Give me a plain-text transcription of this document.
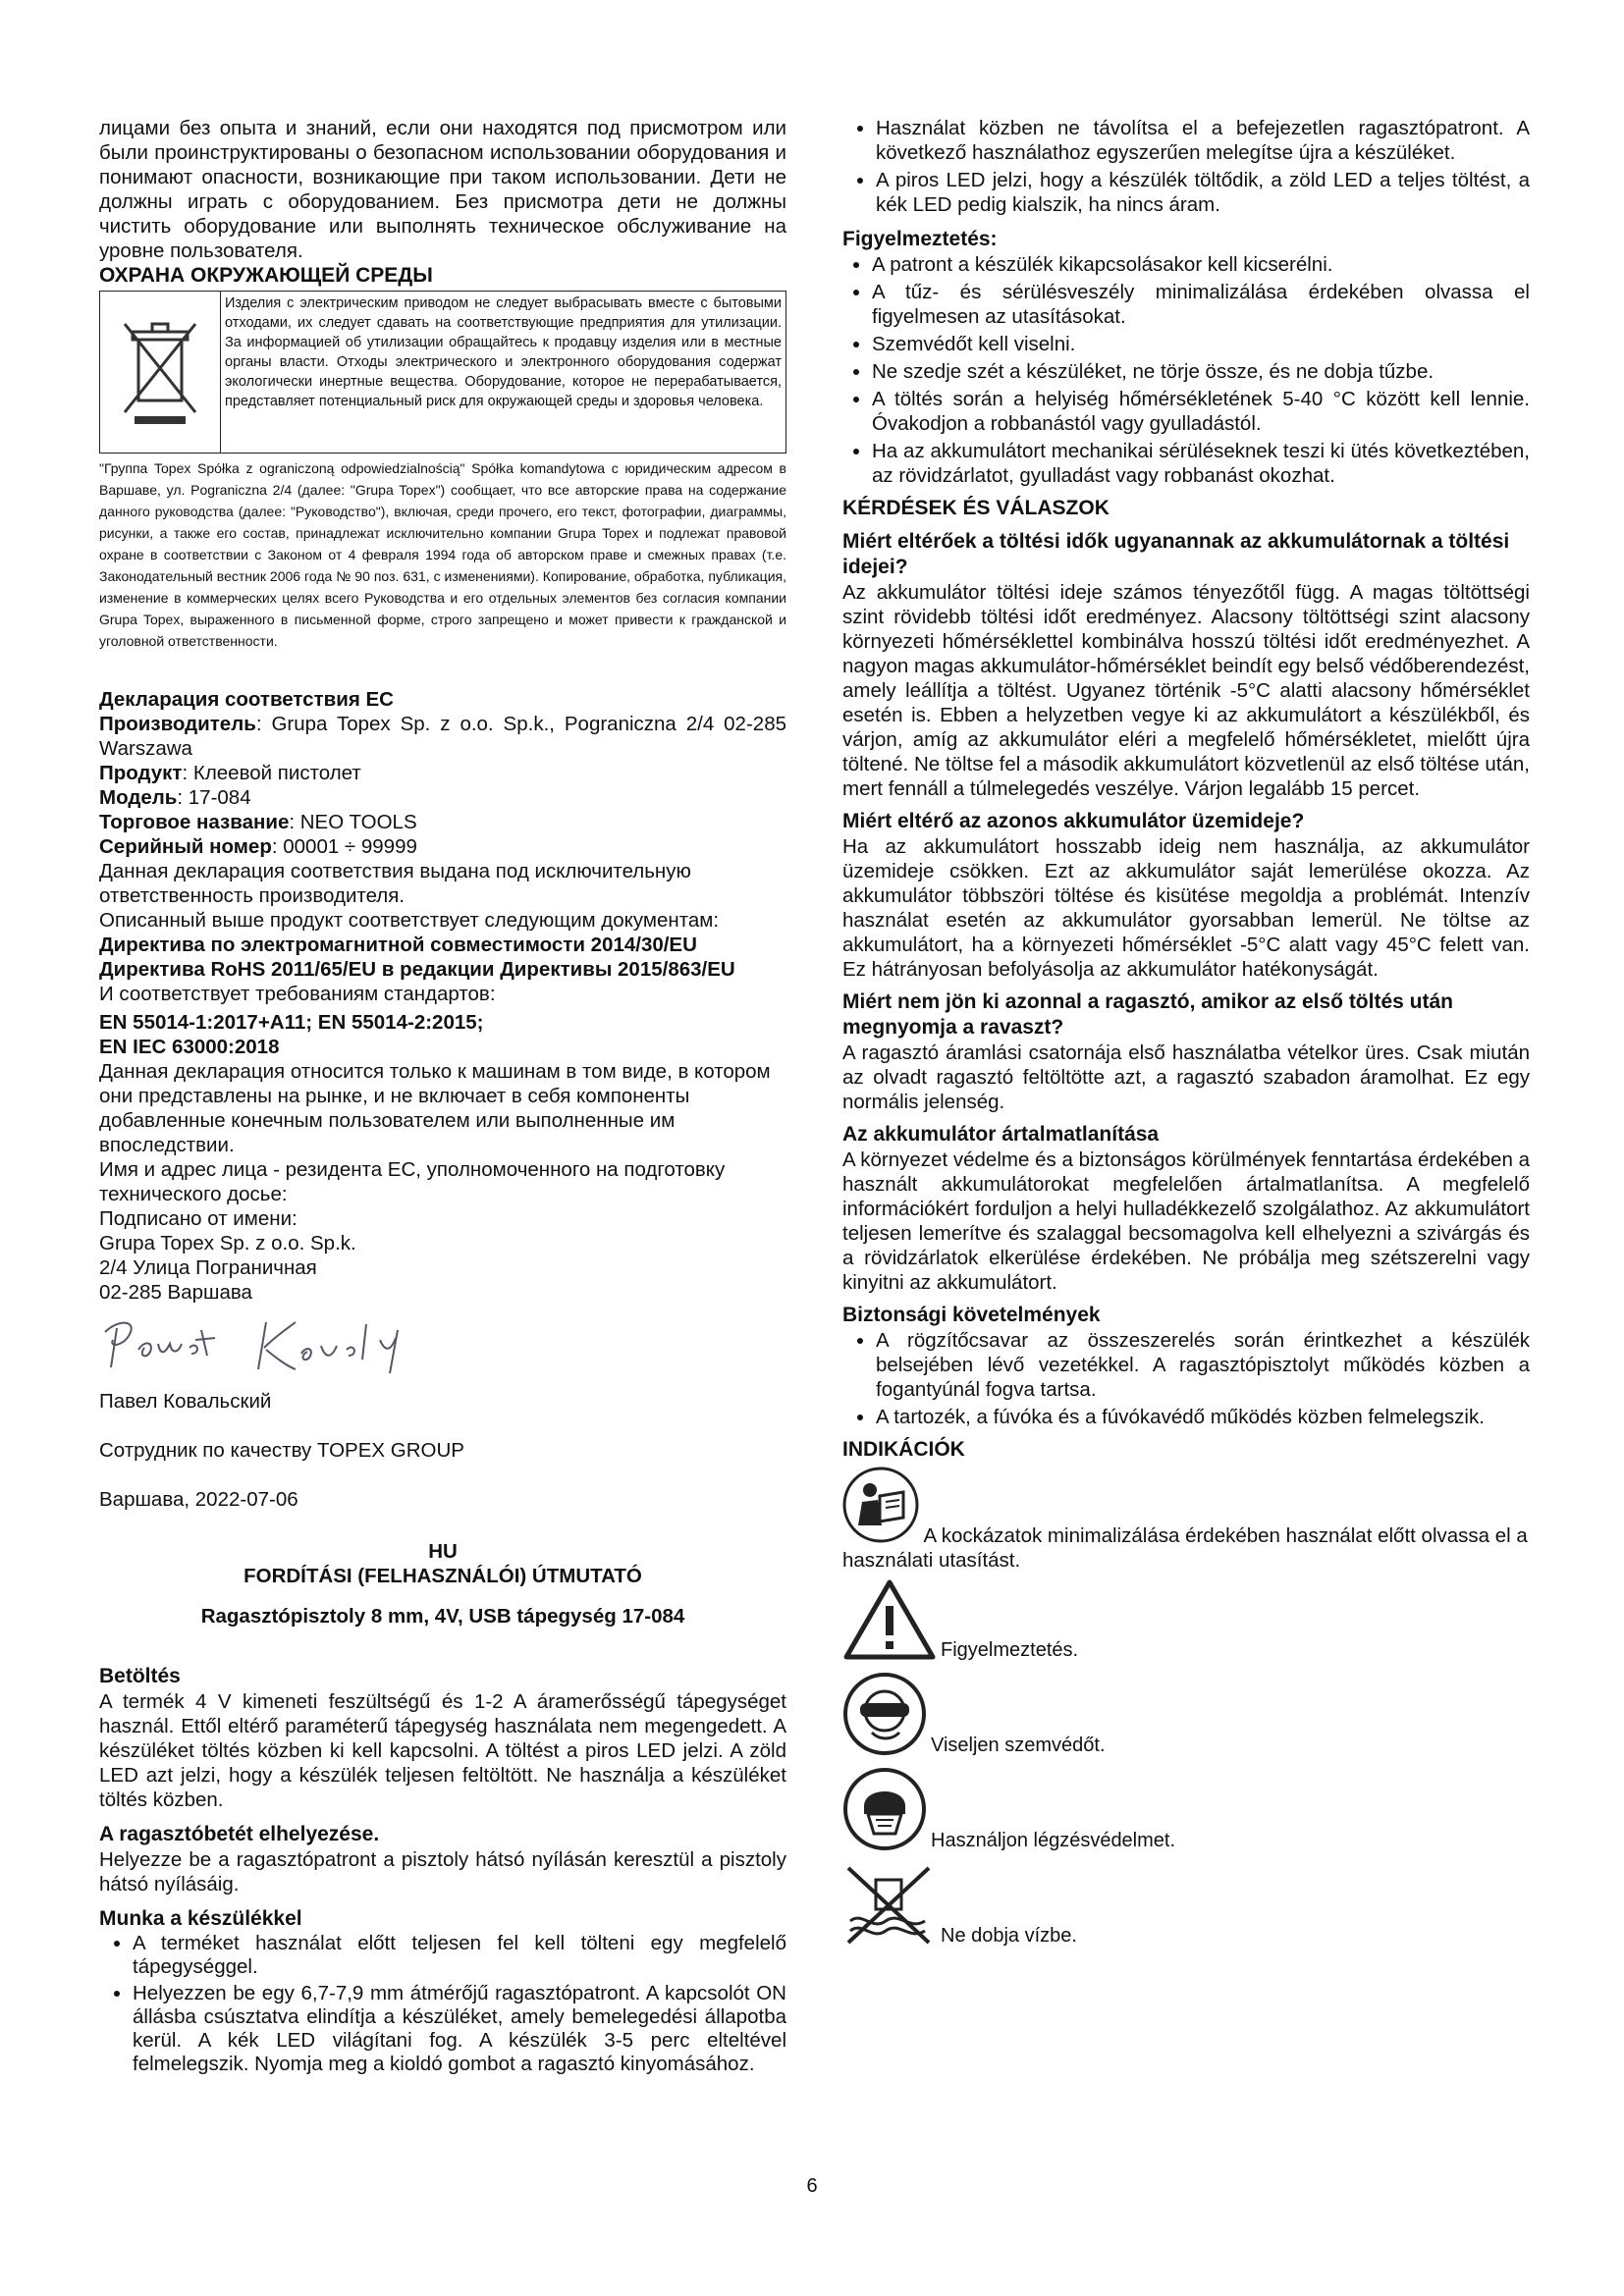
лицами без опыта и знаний, если они находятся под присмотром или были проинструктированы о безопасном использовании оборудования и понимают опасности, возникающие при таком использовании. Дети не должны играть с оборудованием. Без присмотра дети не должны чистить оборудование или выполнять техническое обслуживание на уровне пользователя.

ОХРАНА ОКРУЖАЮЩЕЙ СРЕДЫ

Изделия с электрическим приводом не следует выбрасывать вместе с бытовыми отходами, их следует сдавать на соответствующие предприятия для утилизации. За информацией об утилизации обращайтесь к продавцу изделия или в местные органы власти. Отходы электрического и электронного оборудования содержат экологически инертные вещества. Оборудование, которое не перерабатывается, представляет потенциальный риск для окружающей среды и здоровья человека.

"Группа Topex Spółka z ograniczoną odpowiedzialnością" Spółka komandytowa с юридическим адресом в Варшаве, ул. Pograniczna 2/4 (далее: "Grupa Topex") сообщает, что все авторские права на содержание данного руководства (далее: "Руководство"), включая, среди прочего, его текст, фотографии, диаграммы, рисунки, а также его состав, принадлежат исключительно компании Grupa Topex и подлежат правовой охране в соответствии с Законом от 4 февраля 1994 года об авторском праве и смежных правах (т.е. Законодательный вестник 2006 года № 90 поз. 631, с изменениями). Копирование, обработка, публикация, изменение в коммерческих целях всего Руководства и его отдельных элементов без согласия компании Grupa Topex, выраженного в письменной форме, строго запрещено и может привести к гражданской и уголовной ответственности.

Декларация соответствия ЕС

Производитель: Grupa Topex Sp. z o.o. Sp.k., Pograniczna 2/4 02-285 Warszawa

Продукт: Клеевой пистолет

Модель: 17-084

Торговое название: NEO TOOLS

Серийный номер: 00001 ÷ 99999

Данная декларация соответствия выдана под исключительную ответственность производителя.

Описанный выше продукт соответствует следующим документам:

Директива по электромагнитной совместимости 2014/30/EU

Директива RoHS 2011/65/EU в редакции Директивы 2015/863/EU

И соответствует требованиям стандартов:

EN 55014-1:2017+A11; EN 55014-2:2015;

EN IEC 63000:2018

Данная декларация относится только к машинам в том виде, в котором они представлены на рынке, и не включает в себя компоненты добавленные конечным пользователем или выполненные им впоследствии.

Имя и адрес лица - резидента ЕС, уполномоченного на подготовку технического досье:

Подписано от имени:

Grupa Topex Sp. z o.o. Sp.k.

2/4 Улица Пограничная

02-285 Варшава

Павел Ковальский

Сотрудник по качеству TOPEX GROUP

Варшава, 2022-07-06

HU

FORDÍTÁSI (FELHASZNÁLÓI) ÚTMUTATÓ

Ragasztópisztoly 8 mm, 4V, USB tápegység 17-084

Betöltés

A termék 4 V kimeneti feszültségű és 1-2 A áramerősségű tápegységet használ. Ettől eltérő paraméterű tápegység használata nem megengedett. A készüléket töltés közben ki kell kapcsolni. A töltést a piros LED jelzi. A zöld LED azt jelzi, hogy a készülék teljesen feltöltött. Ne használja a készüléket töltés közben.

A ragasztóbetét elhelyezése.

Helyezze be a ragasztópatront a pisztoly hátsó nyílásán keresztül a pisztoly hátsó nyílásáig.

Munka a készülékkel

• A terméket használat előtt teljesen fel kell tölteni egy megfelelő tápegységgel.
• Helyezzen be egy 6,7-7,9 mm átmérőjű ragasztópatront. A kapcsolót ON állásba csúsztatva elindítja a készüléket, amely bemelegedési állapotba kerül. A kék LED világítani fog. A készülék 3-5 perc elteltével felmelegszik. Nyomja meg a kioldó gombot a ragasztó kinyomásához.
• Használat közben ne távolítsa el a befejezetlen ragasztópatront. A következő használathoz egyszerűen melegítse újra a készüléket.
• A piros LED jelzi, hogy a készülék töltődik, a zöld LED a teljes töltést, a kék LED pedig kialszik, ha nincs áram.

Figyelmeztetés:

• A patront a készülék kikapcsolásakor kell kicserélni.
• A tűz- és sérülésveszély minimalizálása érdekében olvassa el figyelmesen az utasításokat.
• Szemvédőt kell viselni.
• Ne szedje szét a készüléket, ne törje össze, és ne dobja tűzbe.
• A töltés során a helyiség hőmérsékletének 5-40 °C között kell lennie. Óvakodjon a robbanástól vagy gyulladástól.
• Ha az akkumulátort mechanikai sérüléseknek teszi ki ütés következtében, az rövidzárlatot, gyulladást vagy robbanást okozhat.

KÉRDÉSEK ÉS VÁLASZOK

Miért eltérőek a töltési idők ugyanannak az akkumulátornak a töltési idejei?

Az akkumulátor töltési ideje számos tényezőtől függ. A magas töltöttségi szint rövidebb töltési időt eredményez. Alacsony töltöttségi szint alacsony környezeti hőmérséklettel kombinálva hosszú töltési időt eredményezhet. A nagyon magas akkumulátor-hőmérséklet beindít egy belső védőberendezést, amely leállítja a töltést. Ugyanez történik -5°C alatti alacsony hőmérséklet esetén is. Ebben a helyzetben vegye ki az akkumulátort a készülékből, és várjon, amíg az akkumulátor eléri a megfelelő hőmérsékletet, mielőtt újra töltené. Ne töltse fel a második akkumulátort közvetlenül az első töltése után, mert fennáll a túlmelegedés veszélye. Várjon legalább 15 percet.

Miért eltérő az azonos akkumulátor üzemideje?

Ha az akkumulátort hosszabb ideig nem használja, az akkumulátor üzemideje csökken. Ezt az akkumulátor saját lemerülése okozza. Az akkumulátor többszöri töltése és kisütése megoldja a problémát. Intenzív használat esetén az akkumulátor gyorsabban lemerül. Ne töltse az akkumulátort, ha a környezeti hőmérséklet -5°C alatt vagy 45°C felett van. Ez hátrányosan befolyásolja az akkumulátor hatékonyságát.

Miért nem jön ki azonnal a ragasztó, amikor az első töltés után megnyomja a ravaszt?

A ragasztó áramlási csatornája első használatba vételkor üres. Csak miután az olvadt ragasztó feltöltötte azt, a ragasztó szabadon áramolhat. Ez egy normális jelenség.

Az akkumulátor ártalmatlanítása

A környezet védelme és a biztonságos körülmények fenntartása érdekében a használt akkumulátorokat megfelelően ártalmatlanítsa. A megfelelő információkért forduljon a helyi hulladékkezelő szolgálathoz. Az akkumulátort teljesen lemerítve és szalaggal becsomagolva kell elhelyezni a szivárgás és a rövidzárlatok elkerülése érdekében. Ne próbálja meg szétszerelni vagy kinyitni az akkumulátort.

Biztonsági követelmények

• A rögzítőcsavar az összeszerelés során érintkezhet a készülék belsejében lévő vezetékkel. A ragasztópisztolyt működés közben a fogantyúnál fogva tartsa.
• A tartozék, a fúvóka és a fúvókavédő működés közben felmelegszik.

INDIKÁCIÓK

A kockázatok minimalizálása érdekében használat előtt olvassa el a használati utasítást.
Figyelmeztetés.
Viseljen szemvédőt.
Használjon légzésvédelmet.
Ne dobja vízbe.
6
